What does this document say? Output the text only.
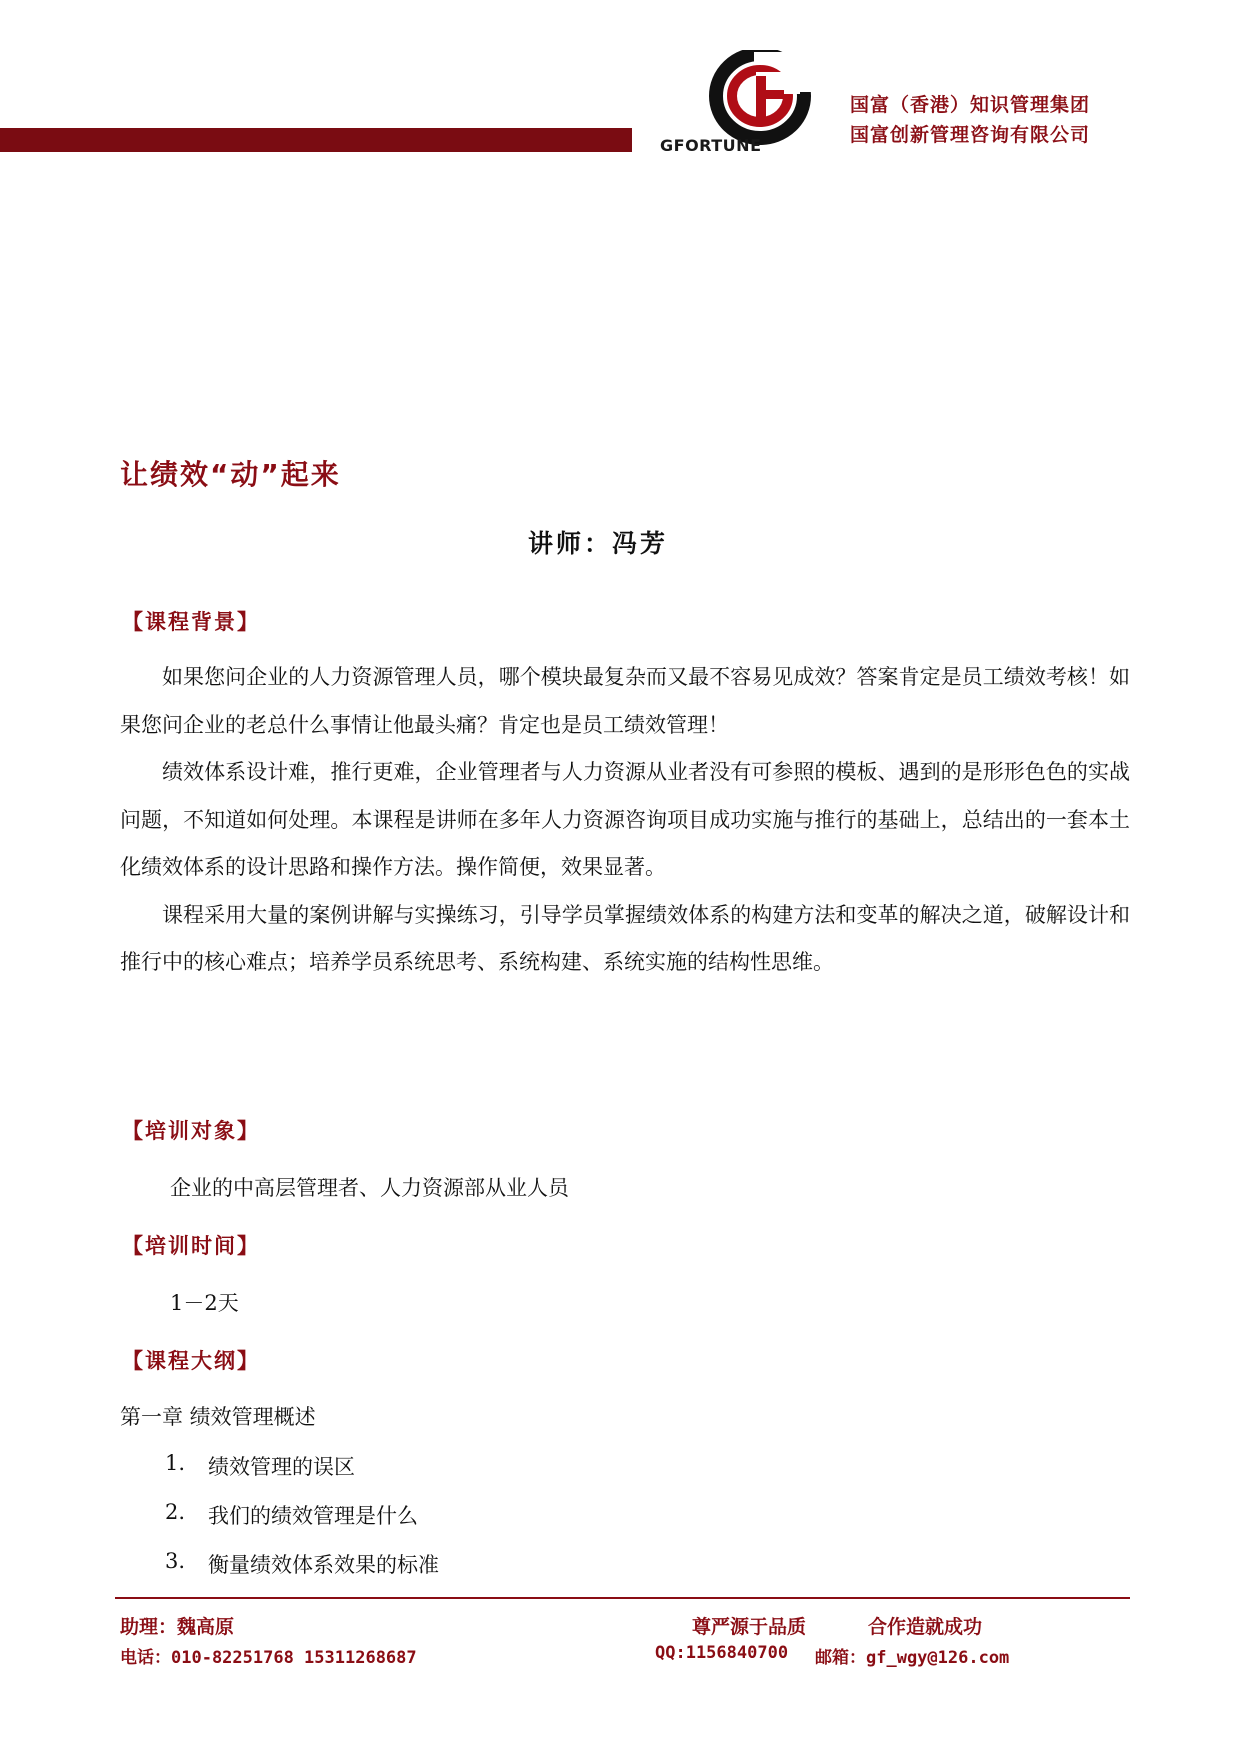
GFORTUNE
国富（香港）知识管理集团
国富创新管理咨询有限公司
让绩效“动”起来
讲师：冯芳
【课程背景】

如果您问企业的人力资源管理人员，哪个模块最复杂而又最不容易见成效？答案肯定是员工绩效考核！如果您问企业的老总什么事情让他最头痛？肯定也是员工绩效管理！

绩效体系设计难，推行更难，企业管理者与人力资源从业者没有可参照的模板、遇到的是形形色色的实战问题，不知道如何处理。本课程是讲师在多年人力资源咨询项目成功实施与推行的基础上，总结出的一套本土化绩效体系的设计思路和操作方法。操作简便，效果显著。

课程采用大量的案例讲解与实操练习，引导学员掌握绩效体系的构建方法和变革的解决之道，破解设计和推行中的核心难点；培养学员系统思考、系统构建、系统实施的结构性思维。

【培训对象】
企业的中高层管理者、人力资源部从业人员
【培训时间】
1－2天
【课程大纲】
第一章 绩效管理概述
1. 绩效管理的误区
2. 我们的绩效管理是什么
3. 衡量绩效体系效果的标准
助理：魏高原
电话：010-82251768 15311268687
尊严源于品质	合作造就成功
QQ:1156840700 邮箱：gf_wgy@126.com
